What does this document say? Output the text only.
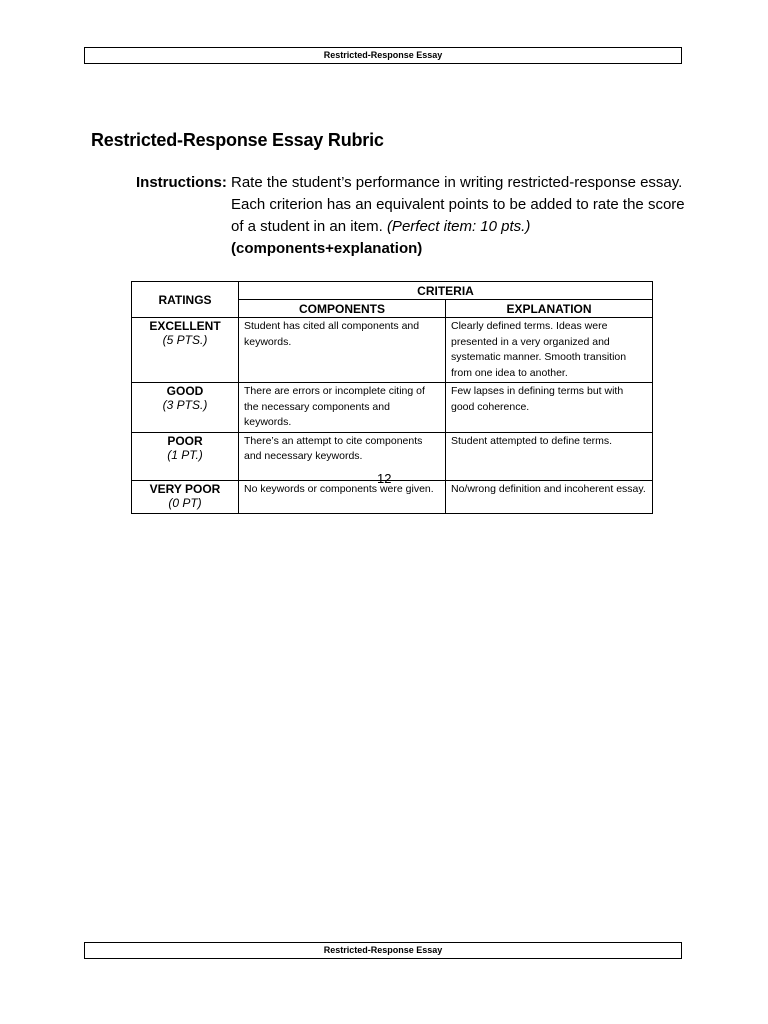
Restricted-Response Essay
Restricted-Response Essay Rubric
Instructions: Rate the student’s performance in writing restricted-response essay. Each criterion has an equivalent points to be added to rate the score of a student in an item. (Perfect item: 10 pts.)
(components+explanation)
RATINGS	CRITERIA	
	COMPONENTS	EXPLANATION

EXCELLENT
(5 PTS.)	Student has cited all components and keywords.	Clearly defined terms. Ideas were presented in a very organized and systematic manner. Smooth transition from one idea to another.

GOOD
(3 PTS.)	There are errors or incomplete citing of the necessary components and keywords.	Few lapses in defining terms but with good coherence.

POOR
(1 PT.)	There’s an attempt to cite components and necessary keywords.	Student attempted to define terms.

VERY POOR
(0 PT)	No keywords or components were given.	No/wrong definition and incoherent essay.
12
Restricted-Response Essay
